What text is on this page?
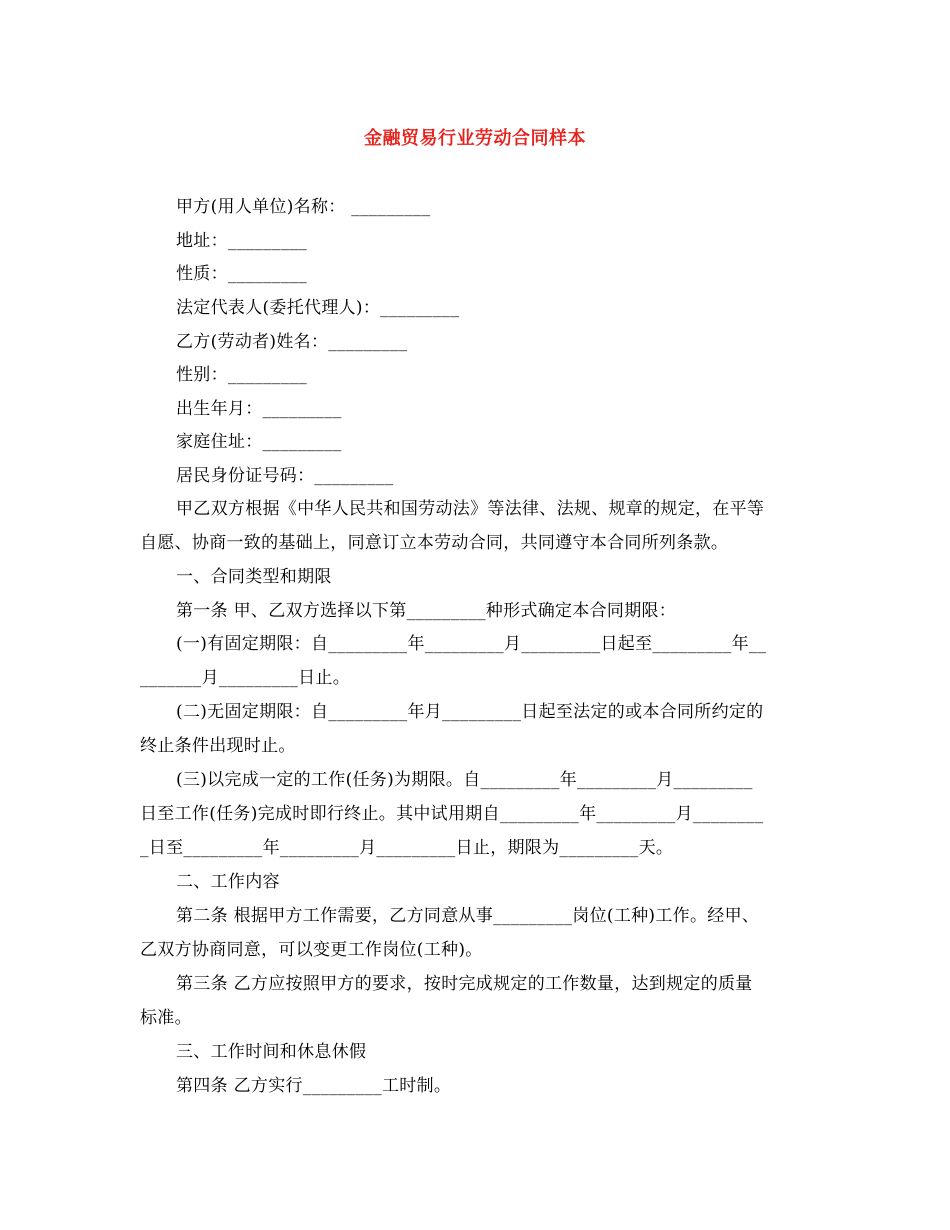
金融贸易行业劳动合同样本
甲方(用人单位)名称： _________
地址：_________
性质：_________
法定代表人(委托代理人)：_________
乙方(劳动者)姓名：_________
性别：_________
出生年月：_________
家庭住址：_________
居民身份证号码：_________
甲乙双方根据《中华人民共和国劳动法》等法律、法规、规章的规定，在平等
自愿、协商一致的基础上，同意订立本劳动合同，共同遵守本合同所列条款。
一、合同类型和期限
第一条 甲、乙双方选择以下第_________种形式确定本合同期限：
(一)有固定期限：自_________年_________月_________日起至_________年__
_______月_________日止。
(二)无固定期限：自_________年月_________日起至法定的或本合同所约定的
终止条件出现时止。
(三)以完成一定的工作(任务)为期限。自_________年_________月_________
日至工作(任务)完成时即行终止。其中试用期自_________年_________月________
_日至_________年_________月_________日止，期限为_________天。
二、工作内容
第二条 根据甲方工作需要，乙方同意从事_________岗位(工种)工作。经甲、
乙双方协商同意，可以变更工作岗位(工种)。
第三条 乙方应按照甲方的要求，按时完成规定的工作数量，达到规定的质量
标准。
三、工作时间和休息休假
第四条 乙方实行_________工时制。
